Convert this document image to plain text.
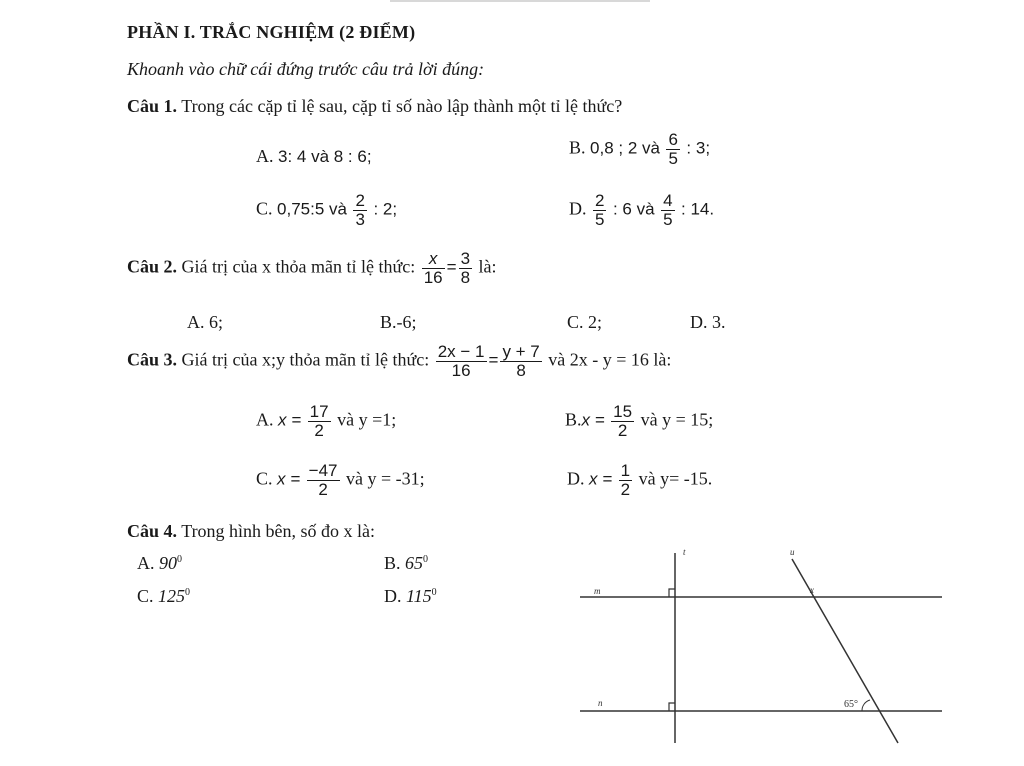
PHẦN I. TRẮC NGHIỆM (2 ĐIỂM)
Khoanh vào chữ cái đứng trước câu trả lời đúng:
Câu 1. Trong các cặp tỉ lệ sau, cặp tỉ số nào lập thành một tỉ lệ thức?
A. 3: 4 và 8 : 6;	B. 0,8 ; 2 và $\frac{6}{5}$ : 3;
C. 0,75:5 và $\frac{2}{3}$ : 2;	D. $\frac{2}{5}$ : 6 và $\frac{4}{5}$ : 14.
Câu 2. Giá trị của x thỏa mãn tỉ lệ thức: $\frac{x}{16} = \frac{3}{8}$ là:
A. 6;	B.-6;	C. 2;	D. 3.
Câu 3. Giá trị của x;y thỏa mãn tỉ lệ thức: $\frac{2x - 1}{16} = \frac{y + 7}{8}$ và 2x - y = 16 là:
A. $x = \frac{17}{2}$ và y =1;	$B.x = \frac{15}{2}$ và y = 15;
C. $x = \frac{-47}{2}$ và y = -31;	D. $x = \frac{1}{2}$ và y= -15.
Câu 4. Trong hình bên, số đo x là:
A. $90^0$	B. $65^0$
C. $125^0$	D. $115^0$
t	u
m
n
x
65°
